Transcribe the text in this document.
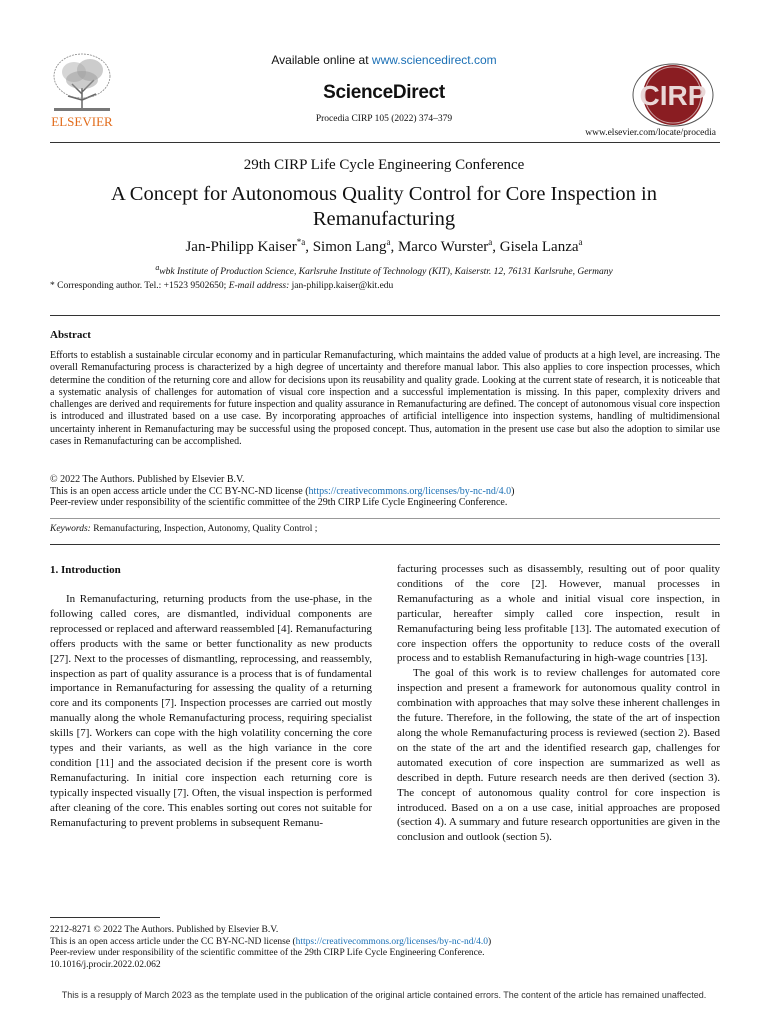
ELSEVIER
Available online at www.sciencedirect.com
ScienceDirect
Procedia CIRP 105 (2022) 374–379
CIRP
www.elsevier.com/locate/procedia
29th CIRP Life Cycle Engineering Conference
A Concept for Autonomous Quality Control for Core Inspection in Remanufacturing
Jan-Philipp Kaiser$^{*a}$, Simon Lang$^a$, Marco Wurster$^a$, Gisela Lanza$^a$
$^a$wbk Institute of Production Science, Karlsruhe Institute of Technology (KIT), Kaiserstr. 12, 76131 Karlsruhe, Germany
* Corresponding author. Tel.: +1523 9502650; E-mail address: jan-philipp.kaiser@kit.edu
Abstract
Efforts to establish a sustainable circular economy and in particular Remanufacturing, which maintains the added value of products at a high level, are increasing. The overall Remanufacturing process is characterized by a high degree of uncertainty and therefore manual labor. This also applies to core inspection processes, which determine the condition of the returning core and allow for decisions upon its reusability and quality grade. Looking at the current state of research, it is noticeable that a systematic analysis of challenges for automation of visual core inspection and a successful implementation is missing. In this paper, complexity drivers and challenges are derived and requirements for future inspection and quality assurance in Remanufacturing are defined. The concept of autonomous visual core inspection is introduced and illustrated based on a use case. By incorporating approaches of artificial intelligence into inspection systems, handling of multidimensional uncertainty inherent in Remanufacturing may be successful using the proposed concept. Thus, automation in the present use case but also the adoption to similar use cases in Remanufacturing can be accomplished.
© 2022 The Authors. Published by Elsevier B.V.
This is an open access article under the CC BY-NC-ND license (https://creativecommons.org/licenses/by-nc-nd/4.0)
Peer-review under responsibility of the scientific committee of the 29th CIRP Life Cycle Engineering Conference.
Keywords: Remanufacturing, Inspection, Autonomy, Quality Control ;
1. Introduction

In Remanufacturing, returning products from the use-phase, in the following called cores, are dismantled, individual components are reprocessed or replaced and afterward reassembled [4]. Remanufacturing offers products with the same or better functionality as new products [27]. Next to the processes of dismantling, reprocessing, and reassembly, inspection as part of quality assurance is a process that is of fundamental importance in Remanufacturing for assessing the quality of a returning core and its components [7]. Inspection processes are carried out mostly manually along the whole Remanufacturing process, requiring specialist skills [7]. Workers can cope with the high volatility concerning the core types and their variants, as well as the high variance in the core condition [11] and the associated decision if the present core is worth Remanufacturing. In initial core inspection each returning core is typically inspected visually [7]. Often, the visual inspection is performed after cleaning of the core. This enables sorting out cores not suitable for Remanufacturing to prevent problems in subsequent Remanu-

facturing processes such as disassembly, resulting out of poor quality conditions of the core [2]. However, manual processes in Remanufacturing as a whole and initial visual core inspection, in particular, hereafter simply called core inspection, result in Remanufacturing being less profitable [13]. The automated execution of core inspection offers the opportunity to reduce costs of the overall process and to establish Remanufacturing in high-wage countries [13].

The goal of this work is to review challenges for automated core inspection and present a framework for autonomous quality control in combination with approaches that may solve these inherent challenges in the future. Therefore, in the following, the state of the art of inspection along the whole Remanufacturing process is reviewed (section 2). Based on the state of the art and the identified research gap, challenges for automated execution of core inspection are summarized as well as described in depth. Future research needs are then derived (section 3). The concept of autonomous quality control for core inspection is introduced. Based on a on a use case, initial approaches are proposed (section 4). A summary and future research opportunities are given in the conclusion and outlook (section 5).

2212-8271 © 2022 The Authors. Published by Elsevier B.V.
This is an open access article under the CC BY-NC-ND license (https://creativecommons.org/licenses/by-nc-nd/4.0)
Peer-review under responsibility of the scientific committee of the 29th CIRP Life Cycle Engineering Conference.
10.1016/j.procir.2022.02.062
This is a resupply of March 2023 as the template used in the publication of the original article contained errors. The content of the article has remained unaffected.
